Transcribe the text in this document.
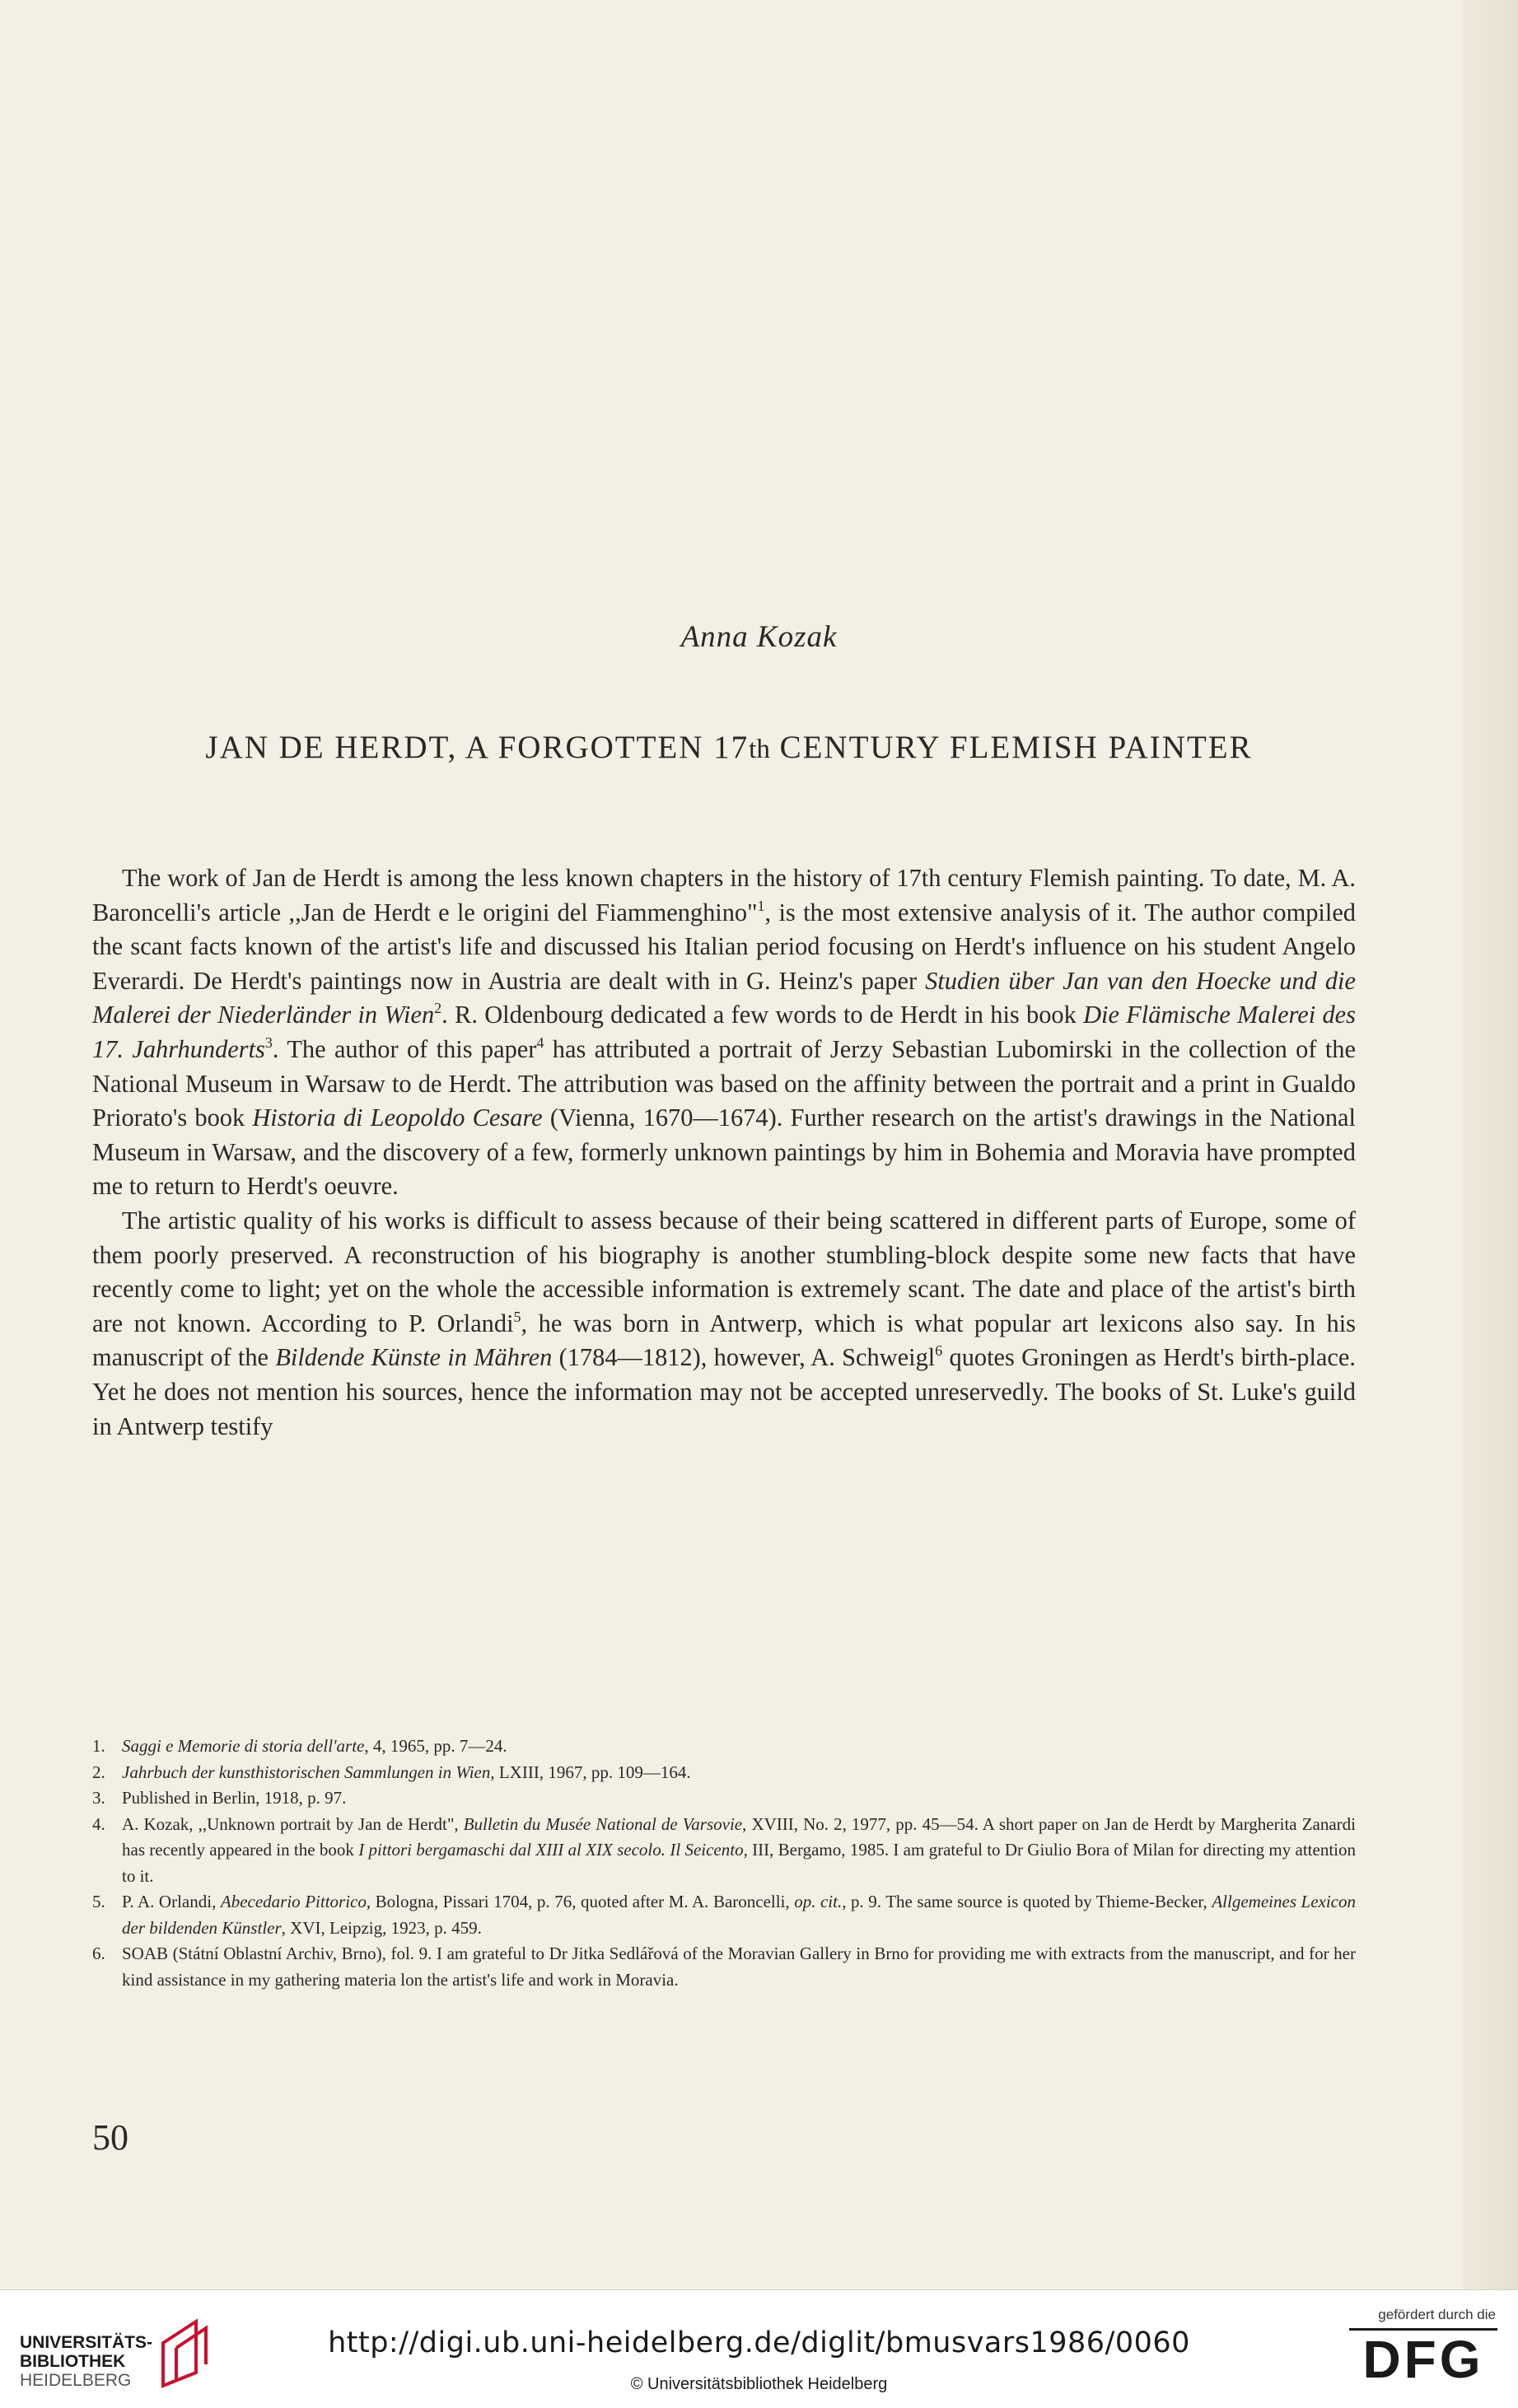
Anna Kozak
JAN DE HERDT, A FORGOTTEN 17th CENTURY FLEMISH PAINTER

The work of Jan de Herdt is among the less known chapters in the history of 17th century Flemish painting. To date, M. A. Baroncelli's article ,,Jan de Herdt e le origini del Fiammenghino"$^1$, is the most extensive analysis of it. The author compiled the scant facts known of the artist's life and discussed his Italian period focusing on Herdt's influence on his student Angelo Everardi. De Herdt's paintings now in Austria are dealt with in G. Heinz's paper Studien über Jan van den Hoecke und die Malerei der Niederländer in Wien$^2$. R. Oldenbourg dedicated a few words to de Herdt in his book Die Flämische Malerei des 17. Jahrhunderts$^3$. The author of this paper$^4$ has attributed a portrait of Jerzy Sebastian Lubomirski in the collection of the National Museum in Warsaw to de Herdt. The attribution was based on the affinity between the portrait and a print in Gualdo Priorato's book Historia di Leopoldo Cesare (Vienna, 1670—1674). Further research on the artist's drawings in the National Museum in Warsaw, and the discovery of a few, formerly unknown paintings by him in Bohemia and Moravia have prompted me to return to Herdt's oeuvre.

The artistic quality of his works is difficult to assess because of their being scattered in different parts of Europe, some of them poorly preserved. A reconstruction of his biography is another stumbling-block despite some new facts that have recently come to light; yet on the whole the accessible information is extremely scant. The date and place of the artist's birth are not known. According to P. Orlandi$^5$, he was born in Antwerp, which is what popular art lexicons also say. In his manuscript of the Bildende Künste in Mähren (1784—1812), however, A. Schweigl$^6$ quotes Groningen as Herdt's birth-place. Yet he does not mention his sources, hence the information may not be accepted unreservedly. The books of St. Luke's guild in Antwerp testify

1. Saggi e Memorie di storia dell'arte, 4, 1965, pp. 7—24.
2. Jahrbuch der kunsthistorischen Sammlungen in Wien, LXIII, 1967, pp. 109—164.
3. Published in Berlin, 1918, p. 97.
4. A. Kozak, ,,Unknown portrait by Jan de Herdt", Bulletin du Musée National de Varsovie, XVIII, No. 2, 1977, pp. 45—54. A short paper on Jan de Herdt by Margherita Zanardi has recently appeared in the book I pittori bergamaschi dal XIII al XIX secolo. Il Seicento, III, Bergamo, 1985. I am grateful to Dr Giulio Bora of Milan for directing my attention to it.
5. P. A. Orlandi, Abecedario Pittorico, Bologna, Pissari 1704, p. 76, quoted after M. A. Baroncelli, op. cit., p. 9. The same source is quoted by Thieme-Becker, Allgemeines Lexicon der bildenden Künstler, XVI, Leipzig, 1923, p. 459.
6. SOAB (Státní Oblastní Archiv, Brno), fol. 9. I am grateful to Dr Jitka Sedlářová of the Moravian Gallery in Brno for providing me with extracts from the manuscript, and for her kind assistance in my gathering materia lon the artist's life and work in Moravia.
50
UNIVERSITÄTS-
BIBLIOTHEK
HEIDELBERG
http://digi.ub.uni-heidelberg.de/diglit/bmusvars1986/0060
© Universitätsbibliothek Heidelberg
gefördert durch die
DFG
